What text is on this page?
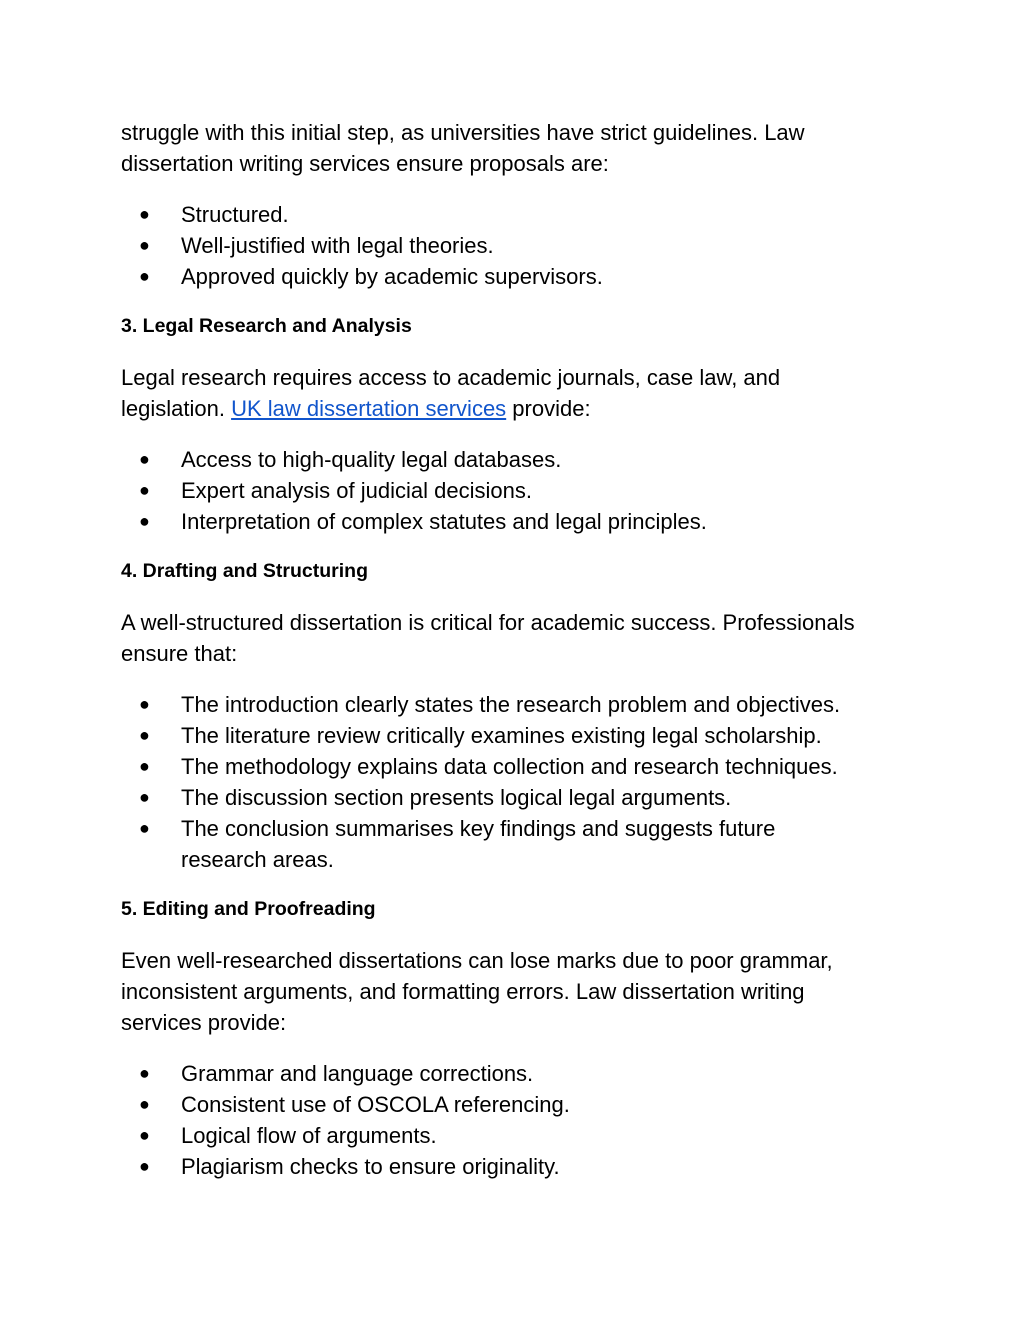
struggle with this initial step, as universities have strict guidelines. Law dissertation writing services ensure proposals are:

● Structured.
● Well-justified with legal theories.
● Approved quickly by academic supervisors.
3. Legal Research and Analysis

Legal research requires access to academic journals, case law, and legislation. UK law dissertation services provide:

● Access to high-quality legal databases.
● Expert analysis of judicial decisions.
● Interpretation of complex statutes and legal principles.
4. Drafting and Structuring

A well-structured dissertation is critical for academic success. Professionals ensure that:

● The introduction clearly states the research problem and objectives.
● The literature review critically examines existing legal scholarship.
● The methodology explains data collection and research techniques.
● The discussion section presents logical legal arguments.
● The conclusion summarises key findings and suggests future research areas.
5. Editing and Proofreading

Even well-researched dissertations can lose marks due to poor grammar, inconsistent arguments, and formatting errors. Law dissertation writing services provide:

● Grammar and language corrections.
● Consistent use of OSCOLA referencing.
● Logical flow of arguments.
● Plagiarism checks to ensure originality.
